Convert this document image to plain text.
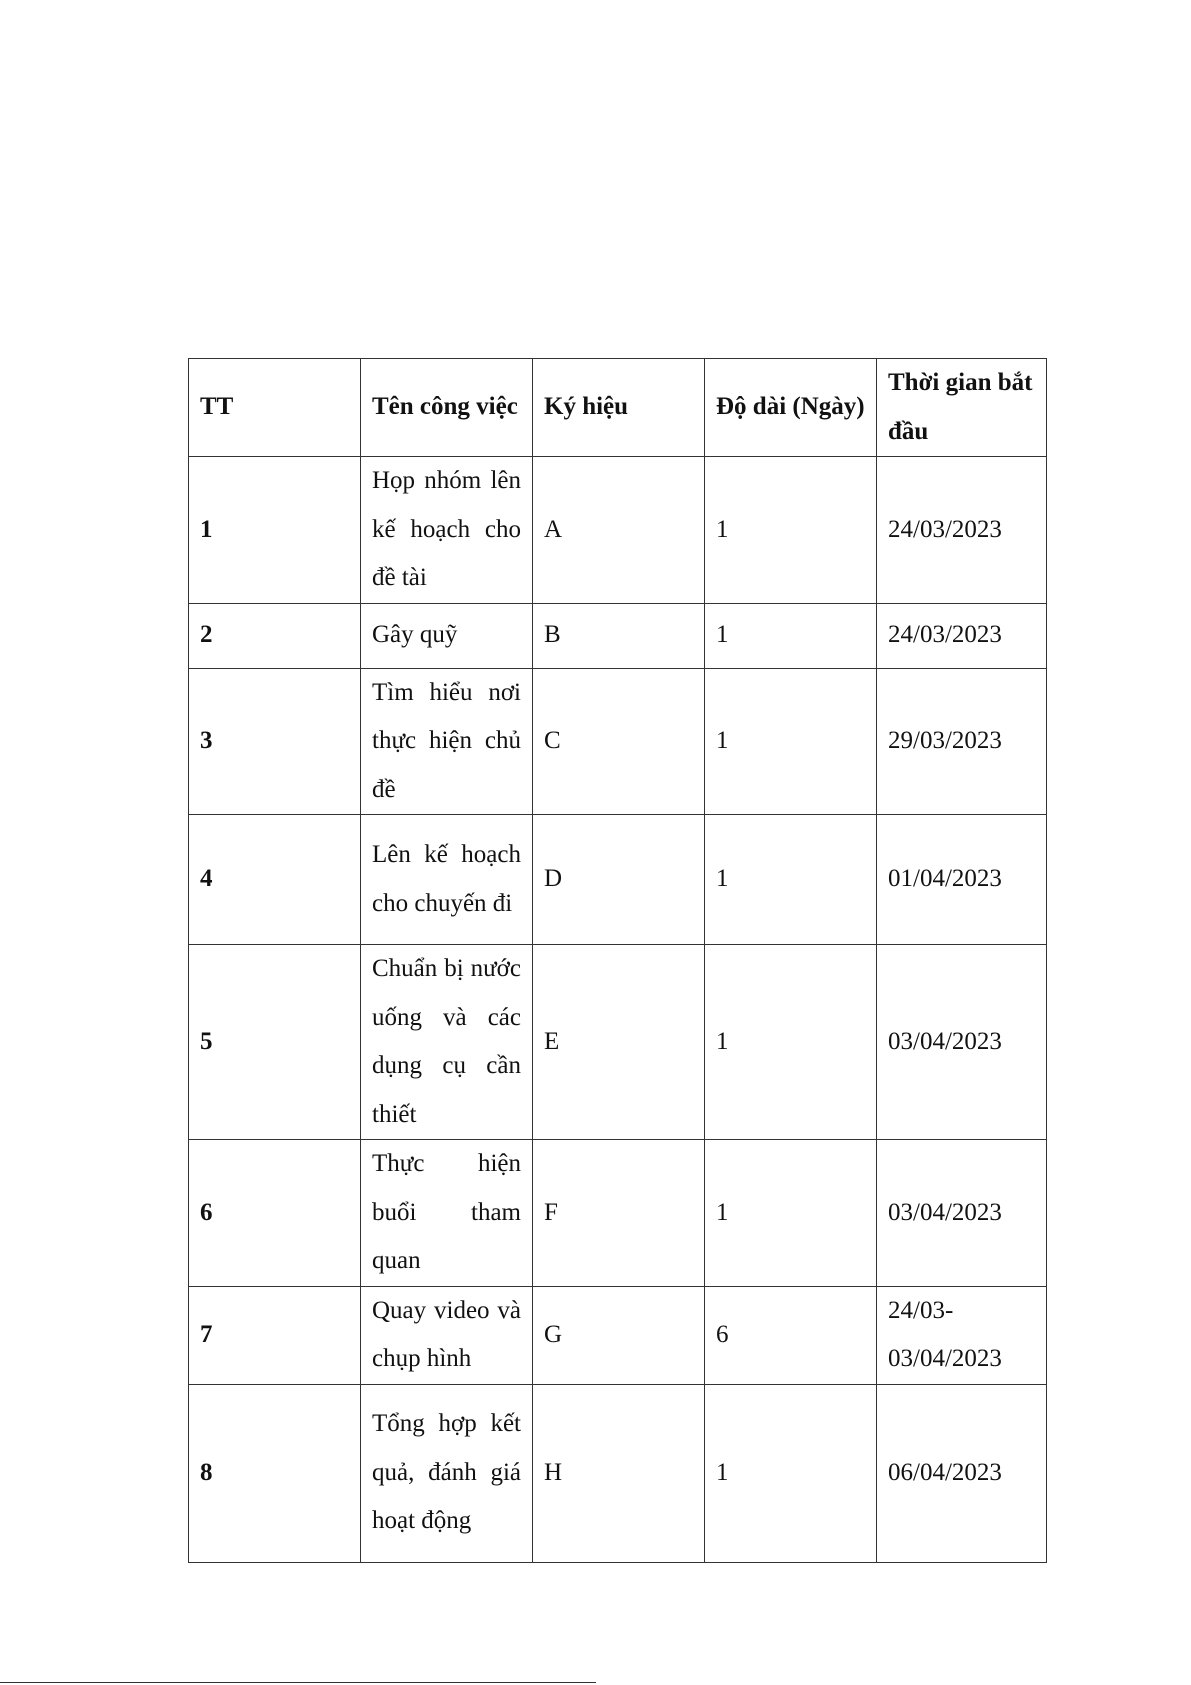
TT	Tên công việc	Ký hiệu	Độ dài (Ngày)	Thời gian bắt đầu
1	Họp nhóm lên kế hoạch cho đề tài	A	1	24/03/2023
2	Gây quỹ	B	1	24/03/2023
3	Tìm hiểu nơi thực hiện chủ đề	C	1	29/03/2023
4	Lên kế hoạch cho chuyến đi	D	1	01/04/2023
5	Chuẩn bị nước uống và các dụng cụ cần thiết	E	1	03/04/2023
6	Thực hiện buổi tham quan	F	1	03/04/2023
7	Quay video và chụp hình	G	6	24/03-03/04/2023
8	Tổng hợp kết quả, đánh giá hoạt động	H	1	06/04/2023
